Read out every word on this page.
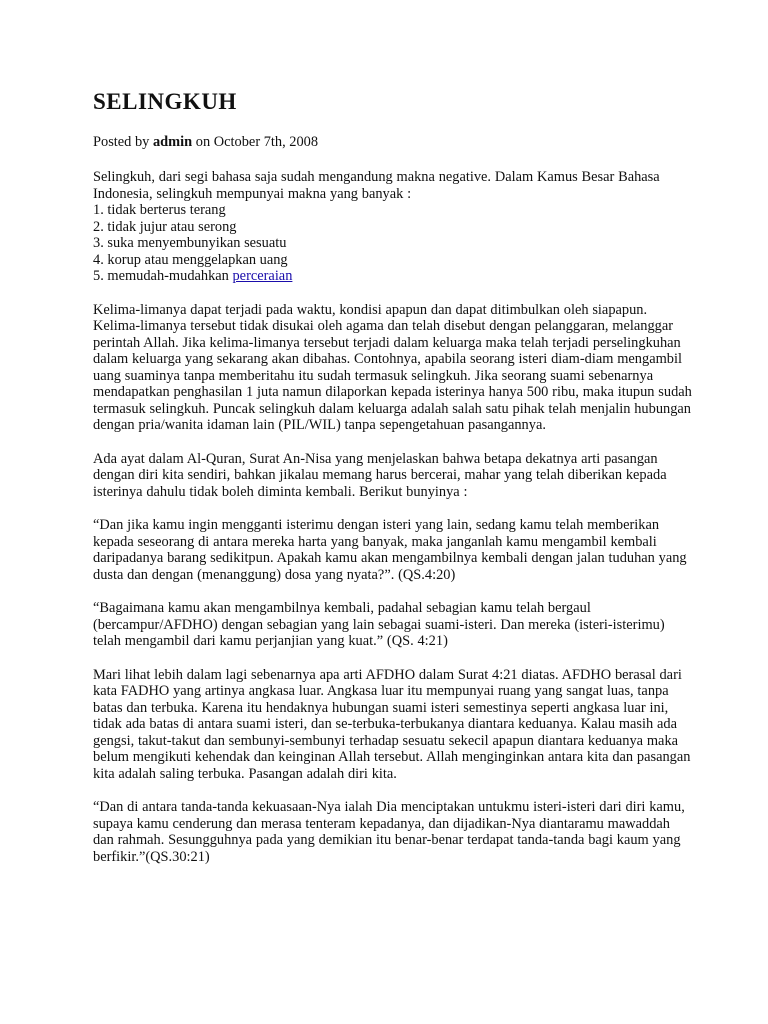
SELINGKUH
Posted by admin on October 7th, 2008
Selingkuh, dari segi bahasa saja sudah mengandung makna negative. Dalam Kamus Besar Bahasa Indonesia, selingkuh mempunyai makna yang banyak :
1. tidak berterus terang
2. tidak jujur atau serong
3. suka menyembunyikan sesuatu
4. korup atau menggelapkan uang
5. memudah-mudahkan perceraian
Kelima-limanya dapat terjadi pada waktu, kondisi apapun dan dapat ditimbulkan oleh siapapun. Kelima-limanya tersebut tidak disukai oleh agama dan telah disebut dengan pelanggaran, melanggar perintah Allah. Jika kelima-limanya tersebut terjadi dalam keluarga maka telah terjadi perselingkuhan dalam keluarga yang sekarang akan dibahas. Contohnya, apabila seorang isteri diam-diam mengambil uang suaminya tanpa memberitahu itu sudah termasuk selingkuh. Jika seorang suami sebenarnya mendapatkan penghasilan 1 juta namun dilaporkan kepada isterinya hanya 500 ribu, maka itupun sudah termasuk selingkuh. Puncak selingkuh dalam keluarga adalah salah satu pihak telah menjalin hubungan dengan pria/wanita idaman lain (PIL/WIL) tanpa sepengetahuan pasangannya.
Ada ayat dalam Al-Quran, Surat An-Nisa yang menjelaskan bahwa betapa dekatnya arti pasangan dengan diri kita sendiri, bahkan jikalau memang harus bercerai, mahar yang telah diberikan kepada isterinya dahulu tidak boleh diminta kembali. Berikut bunyinya :
“Dan jika kamu ingin mengganti isterimu dengan isteri yang lain, sedang kamu telah memberikan kepada seseorang di antara mereka harta yang banyak, maka janganlah kamu mengambil kembali daripadanya barang sedikitpun. Apakah kamu akan mengambilnya kembali dengan jalan tuduhan yang dusta dan dengan (menanggung) dosa yang nyata?”. (QS.4:20)
“Bagaimana kamu akan mengambilnya kembali, padahal sebagian kamu telah bergaul (bercampur/AFDHO) dengan sebagian yang lain sebagai suami-isteri. Dan mereka (isteri-isterimu) telah mengambil dari kamu perjanjian yang kuat.” (QS. 4:21)
Mari lihat lebih dalam lagi sebenarnya apa arti AFDHO dalam Surat 4:21 diatas. AFDHO berasal dari kata FADHO yang artinya angkasa luar. Angkasa luar itu mempunyai ruang yang sangat luas, tanpa batas dan terbuka. Karena itu hendaknya hubungan suami isteri semestinya seperti angkasa luar ini, tidak ada batas di antara suami isteri, dan se-terbuka-terbukanya diantara keduanya. Kalau masih ada gengsi, takut-takut dan sembunyi-sembunyi terhadap sesuatu sekecil apapun diantara keduanya maka belum mengikuti kehendak dan keinginan Allah tersebut. Allah menginginkan antara kita dan pasangan kita adalah saling terbuka. Pasangan adalah diri kita.
“Dan di antara tanda-tanda kekuasaan-Nya ialah Dia menciptakan untukmu isteri-isteri dari diri kamu, supaya kamu cenderung dan merasa tenteram kepadanya, dan dijadikan-Nya diantaramu mawaddah dan rahmah. Sesungguhnya pada yang demikian itu benar-benar terdapat tanda-tanda bagi kaum yang berfikir.”(QS.30:21)
